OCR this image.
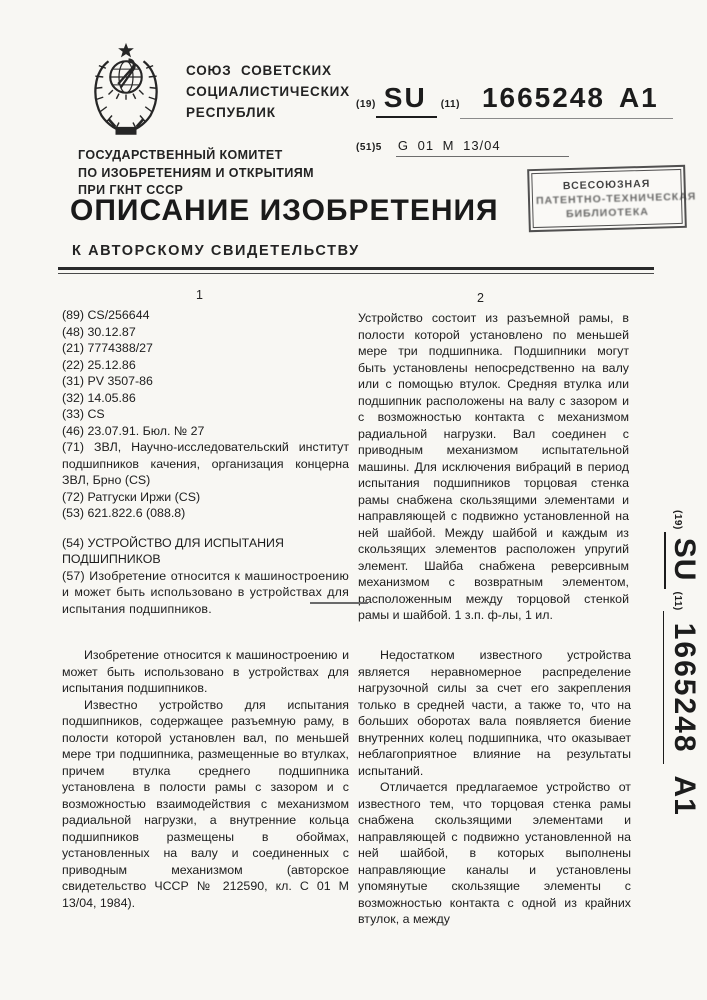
СОЮЗ СОВЕТСКИХ
СОЦИАЛИСТИЧЕСКИХ
РЕСПУБЛИК
ГОСУДАРСТВЕННЫЙ КОМИТЕТ
ПО ИЗОБРЕТЕНИЯМ И ОТКРЫТИЯМ
ПРИ ГКНТ СССР
(19) SU	(11) 1665248 A1
(51)5 G 01 M 13/04
ВСЕСОЮЗНАЯ
ПАТЕНТНО-ТЕХНИЧЕСКАЯ
БИБЛИОТЕКА
ОПИСАНИЕ ИЗОБРЕТЕНИЯ
К АВТОРСКОМУ СВИДЕТЕЛЬСТВУ
1	2
(89) CS/256644
(48) 30.12.87
(21) 7774388/27
(22) 25.12.86
(31) PV 3507-86
(32) 14.05.86
(33) CS
(46) 23.07.91. Бюл. № 27
(71) ЗВЛ, Научно-исследовательский институт подшипников качения, организация концерна ЗВЛ, Брно (CS)
(72) Ратгуски Иржи (CS)
(53) 621.822.6 (088.8)
(54) УСТРОЙСТВО ДЛЯ ИСПЫТАНИЯ ПОДШИПНИКОВ
(57) Изобретение относится к машиностроению и может быть использовано в устройствах для испытания подшипников.

Устройство состоит из разъемной рамы, в полости которой установлено по меньшей мере три подшипника. Подшипники могут быть установлены непосредственно на валу или с помощью втулок. Средняя втулка или подшипник расположены на валу с зазором и с возможностью контакта с механизмом радиальной нагрузки. Вал соединен с приводным механизмом испытательной машины. Для исключения вибраций в период испытания подшипников торцовая стенка рамы снабжена скользящими элементами и направляющей с подвижно установленной на ней шайбой. Между шайбой и каждым из скользящих элементов расположен упругий элемент. Шайба снабжена реверсивным механизмом с возвратным элементом, расположенным между торцовой стенкой рамы и шайбой. 1 з.п. ф-лы, 1 ил.

Изобретение относится к машиностроению и может быть использовано в устройствах для испытания подшипников.

Известно устройство для испытания подшипников, содержащее разъемную раму, в полости которой установлен вал, по меньшей мере три подшипника, размещенные во втулках, причем втулка среднего подшипника установлена в полости рамы с зазором и с возможностью взаимодействия с механизмом радиальной нагрузки, а внутренние кольца подшипников размещены в обоймах, установленных на валу и соединенных с приводным механизмом (авторское свидетельство ЧССР № 212590, кл. С 01 М 13/04, 1984).

Недостатком известного устройства является неравномерное распределение нагрузочной силы за счет его закрепления только в средней части, а также то, что на больших оборотах вала появляется биение внутренних колец подшипника, что оказывает неблагоприятное влияние на результаты испытаний.

Отличается предлагаемое устройство от известного тем, что торцовая стенка рамы снабжена скользящими элементами и направляющей с подвижно установленной на ней шайбой, в которых выполнены направляющие каналы и установлены упомянутые скользящие элементы с возможностью контакта с одной из крайних втулок, а между

(19)
SU
(11)
1665248
A1
